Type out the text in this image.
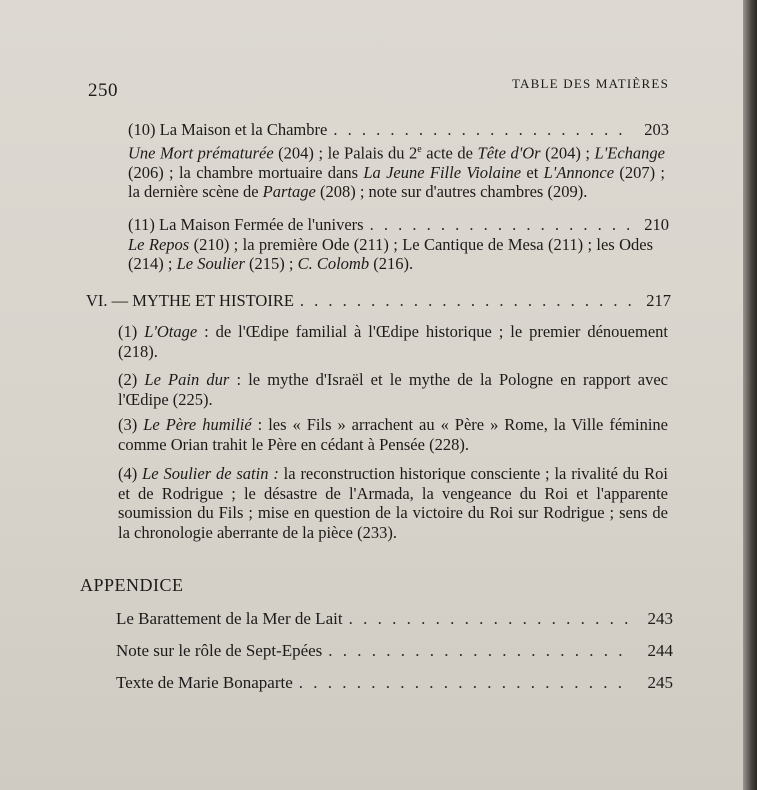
250	TABLE DES MATIÈRES
(10) La Maison et la Chambre . . .	203
Une Mort prématurée (204) ; le Palais du 2e acte de Tête d'Or (204) ; L'Echange (206) ; la chambre mortuaire dans La Jeune Fille Violaine et L'Annonce (207) ; la dernière scène de Partage (208) ; note sur d'autres chambres (209).
(11) La Maison Fermée de l'univers . . .	210
Le Repos (210) ; la première Ode (211) ; Le Cantique de Mesa (211) ; les Odes (214) ; Le Soulier (215) ; C. Colomb (216).
VI. — MYTHE ET HISTOIRE . . .	217
(1) L'Otage : de l'Œdipe familial à l'Œdipe historique ; le premier dénouement (218).
(2) Le Pain dur : le mythe d'Israël et le mythe de la Pologne en rapport avec l'Œdipe (225).
(3) Le Père humilié : les « Fils » arrachent au « Père » Rome, la Ville féminine comme Orian trahit le Père en cédant à Pensée (228).
(4) Le Soulier de satin : la reconstruction historique consciente ; la rivalité du Roi et de Rodrigue ; le désastre de l'Armada, la vengeance du Roi et l'apparente soumission du Fils ; mise en question de la victoire du Roi sur Rodrigue ; sens de la chronologie aberrante de la pièce (233).
APPENDICE
Le Barattement de la Mer de Lait . . .	243
Note sur le rôle de Sept-Epées . . .	244
Texte de Marie Bonaparte . . .	245
